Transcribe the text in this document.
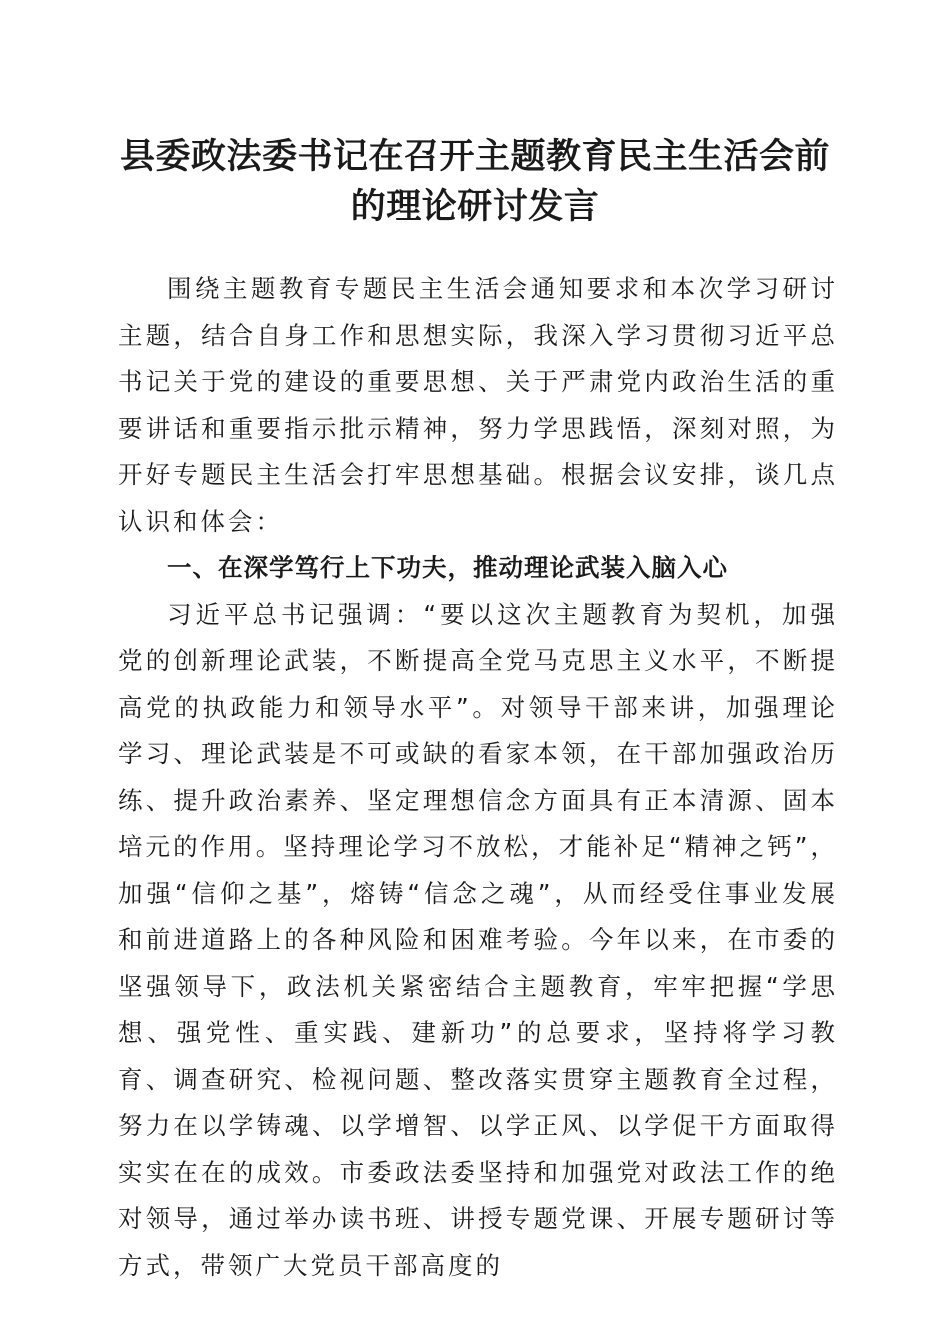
县委政法委书记在召开主题教育民主生活会前
的理论研讨发言

围绕主题教育专题民主生活会通知要求和本次学习研讨主题，结合自身工作和思想实际，我深入学习贯彻习近平总书记关于党的建设的重要思想、关于严肃党内政治生活的重要讲话和重要指示批示精神，努力学思践悟，深刻对照，为开好专题民主生活会打牢思想基础。根据会议安排，谈几点认识和体会：

一、在深学笃行上下功夫，推动理论武装入脑入心

习近平总书记强调：“要以这次主题教育为契机，加强党的创新理论武装，不断提高全党马克思主义水平，不断提高党的执政能力和领导水平”。对领导干部来讲，加强理论学习、理论武装是不可或缺的看家本领，在干部加强政治历练、提升政治素养、坚定理想信念方面具有正本清源、固本培元的作用。坚持理论学习不放松，才能补足“精神之钙”，加强“信仰之基”，熔铸“信念之魂”，从而经受住事业发展和前进道路上的各种风险和困难考验。今年以来，在市委的坚强领导下，政法机关紧密结合主题教育，牢牢把握“学思想、强党性、重实践、建新功”的总要求，坚持将学习教育、调查研究、检视问题、整改落实贯穿主题教育全过程，努力在以学铸魂、以学增智、以学正风、以学促干方面取得实实在在的成效。市委政法委坚持和加强党对政法工作的绝对领导，通过举办读书班、讲授专题党课、开展专题研讨等方式，带领广大党员干部高度的
